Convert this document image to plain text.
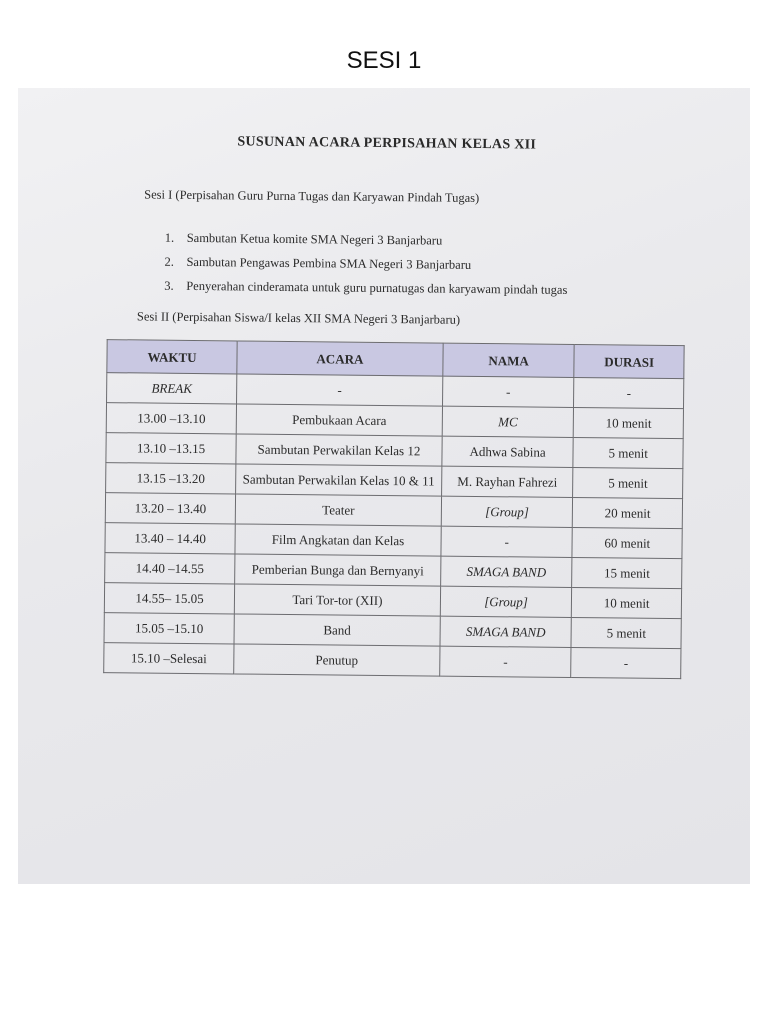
SESI 1
SUSUNAN ACARA PERPISAHAN KELAS XII
Sesi I (Perpisahan Guru Purna Tugas dan Karyawan Pindah Tugas)
1. Sambutan Ketua komite SMA Negeri 3 Banjarbaru
2. Sambutan Pengawas Pembina SMA Negeri 3 Banjarbaru
3. Penyerahan cinderamata untuk guru purnatugas dan karyawam pindah tugas
Sesi II (Perpisahan Siswa/I kelas XII SMA Negeri 3 Banjarbaru)
WAKTU	ACARA	NAMA	DURASI
BREAK	-	-	-
13.00 –13.10	Pembukaan Acara	MC	10 menit
13.10 –13.15	Sambutan Perwakilan Kelas 12	Adhwa Sabina	5 menit
13.15 –13.20	Sambutan Perwakilan Kelas 10 & 11	M. Rayhan Fahrezi	5 menit
13.20 – 13.40	Teater	[Group]	20 menit
13.40 – 14.40	Film Angkatan dan Kelas	-	60 menit
14.40 –14.55	Pemberian Bunga dan Bernyanyi	SMAGA BAND	15 menit
14.55– 15.05	Tari Tor-tor (XII)	[Group]	10 menit
15.05 –15.10	Band	SMAGA BAND	5 menit
15.10 –Selesai	Penutup	-	-
